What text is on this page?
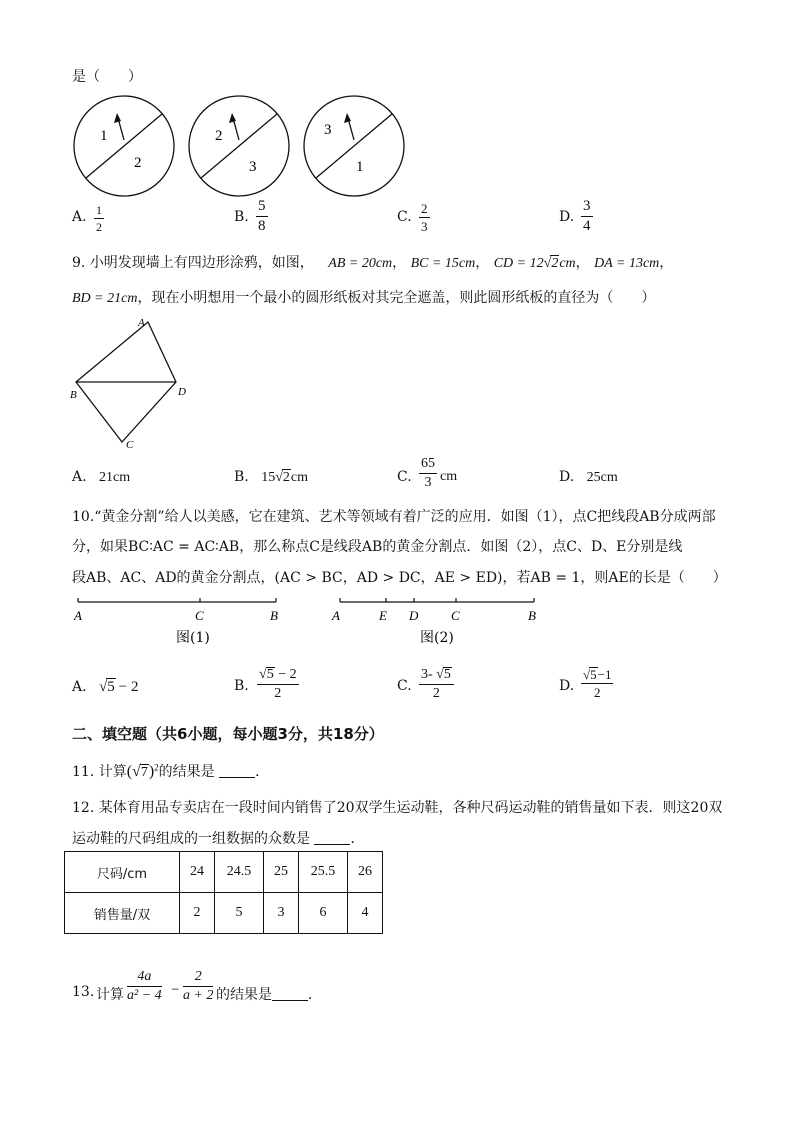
是（　　）
1
2
2
3
3
1
A. 1
2
B.
5
8
C.
2
3
D.
3
4
9. 小明发现墙上有四边形涂鸦，如图， AB = 20cm， BC = 15cm， CD = 12√2cm， DA = 13cm，
BD = 21cm，现在小明想用一个最小的圆形纸板对其完全遮盖，则此圆形纸板的直径为（　　）
A
B	D
C
A. 21cm	B. 15√2cm	C.
65
3 cm	D. 25cm
10.“黄金分割”给人以美感，它在建筑、艺术等领域有着广泛的应用．如图（1），点C把线段AB分成两部
分，如果BC∶AC = AC∶AB，那么称点C是线段AB的黄金分割点．如图（2），点C、D、E分别是线
段AB、AC、AD的黄金分割点，(AC > BC，AD > DC，AE > ED)，若AB = 1，则AE的长是（　　）
A	C	B
图(1)
A	E D	C	B
图(2)
A. √5 − 2	B.
√5 − 2
2	C.
3- √5
2	D.
√5−1
2
二、填空题（共6小题，每小题3分，共18分）
11. 计算$(√7)^2$的结果是	．
12. 某体育用品专卖店在一段时间内销售了20双学生运动鞋，各种尺码运动鞋的销售量如下表．则这20双
运动鞋的尺码组成的一组数据的众数是	．
尺码/cm	24	24.5	25	25.5	26
销售量/双	2	5	3	6	4
13. 计算
4a
a² − 4 −
2
a + 2 的结果是	．
